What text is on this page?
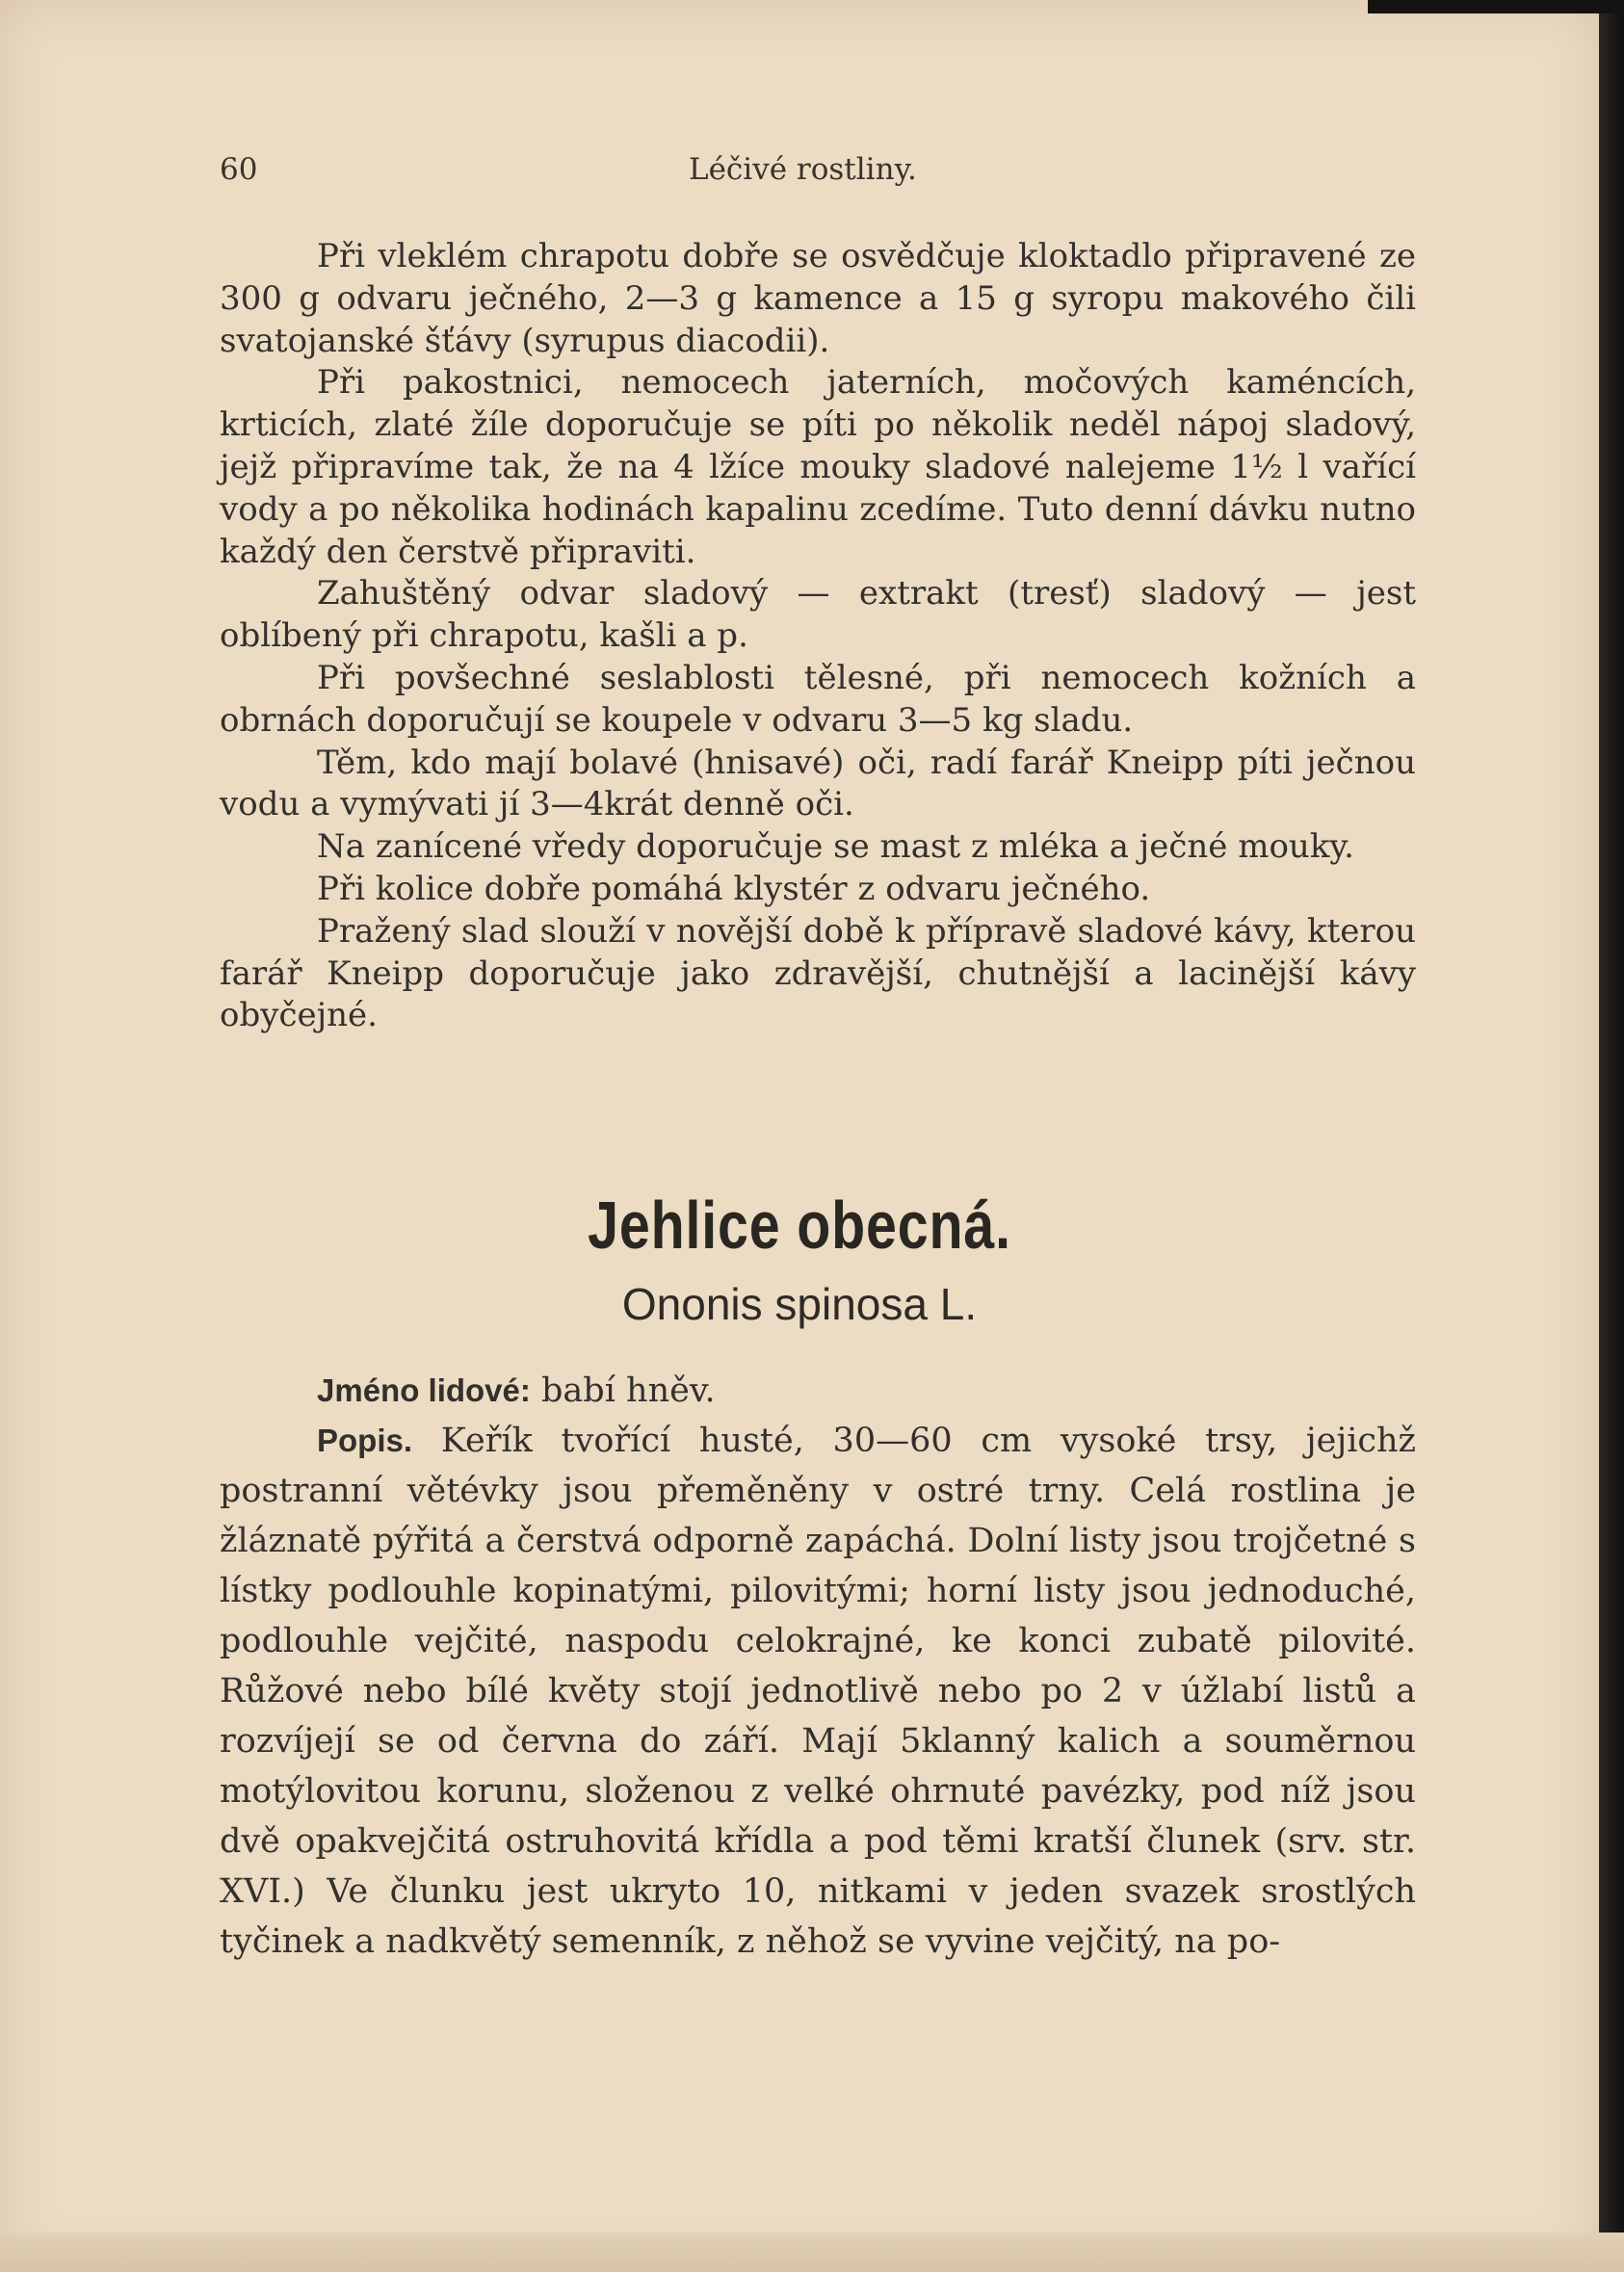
60	Léčivé rostliny.

Při vleklém chrapotu dobře se osvědčuje kloktadlo připravené ze 300 g odvaru ječného, 2—3 g kamence a 15 g syropu makového čili svatojanské šťávy (syrupus diacodii).

Při pakostnici, nemocech jaterních, močových kaméncích, krticích, zlaté žíle doporučuje se píti po několik neděl nápoj sladový, jejž připravíme tak, že na 4 lžíce mouky sladové nalejeme 1½ l vařící vody a po několika hodinách kapalinu zcedíme. Tuto denní dávku nutno každý den čerstvě připraviti.

Zahuštěný odvar sladový — extrakt (tresť) sladový — jest oblíbený při chrapotu, kašli a p.

Při povšechné seslablosti tělesné, při nemocech kožních a obrnách doporučují se koupele v odvaru 3—5 kg sladu.

Těm, kdo mají bolavé (hnisavé) oči, radí farář Kneipp píti ječnou vodu a vymývati jí 3—4krát denně oči.

Na zanícené vředy doporučuje se mast z mléka a ječné mouky.

Při kolice dobře pomáhá klystér z odvaru ječného.

Pražený slad slouží v novější době k přípravě sladové kávy, kterou farář Kneipp doporučuje jako zdravější, chutnější a lacinější kávy obyčejné.

Jehlice obecná.
Ononis spinosa L.

Jméno lidové: babí hněv.

Popis. Keřík tvořící husté, 30—60 cm vysoké trsy, jejichž postranní větévky jsou přeměněny v ostré trny. Celá rostlina je žláznatě pýřitá a čerstvá odporně zapáchá. Dolní listy jsou trojčetné s lístky podlouhle kopinatými, pilovitými; horní listy jsou jednoduché, podlouhle vejčité, naspodu celokrajné, ke konci zubatě pilovité. Růžové nebo bílé květy stojí jednotlivě nebo po 2 v úžlabí listů a rozvíjejí se od června do září. Mají 5klanný kalich a souměrnou motýlovitou korunu, složenou z velké ohrnuté pavézky, pod níž jsou dvě opakvejčitá ostruhovitá křídla a pod těmi kratší člunek (srv. str. XVI.) Ve člunku jest ukryto 10, nitkami v jeden svazek srostlých tyčinek a nadkvětý semenník, z něhož se vyvine vejčitý, na po-
